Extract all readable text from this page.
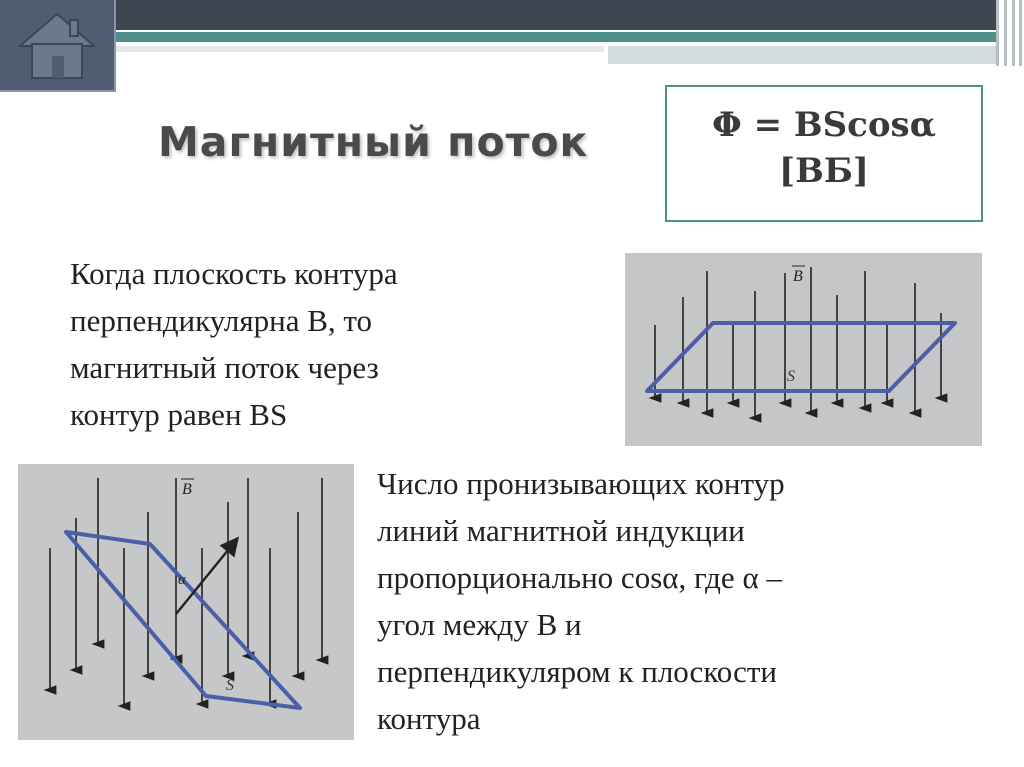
Магнитный поток	Φ = BScosα
[ВБ]
Когда плоскость контура
перпендикулярна В, то
магнитный поток через
контур равен BS
B
S
B
α
S
Число пронизывающих контур
линий магнитной индукции
пропорционально cosα, где α –
угол между В и
перпендикуляром к плоскости
контура
